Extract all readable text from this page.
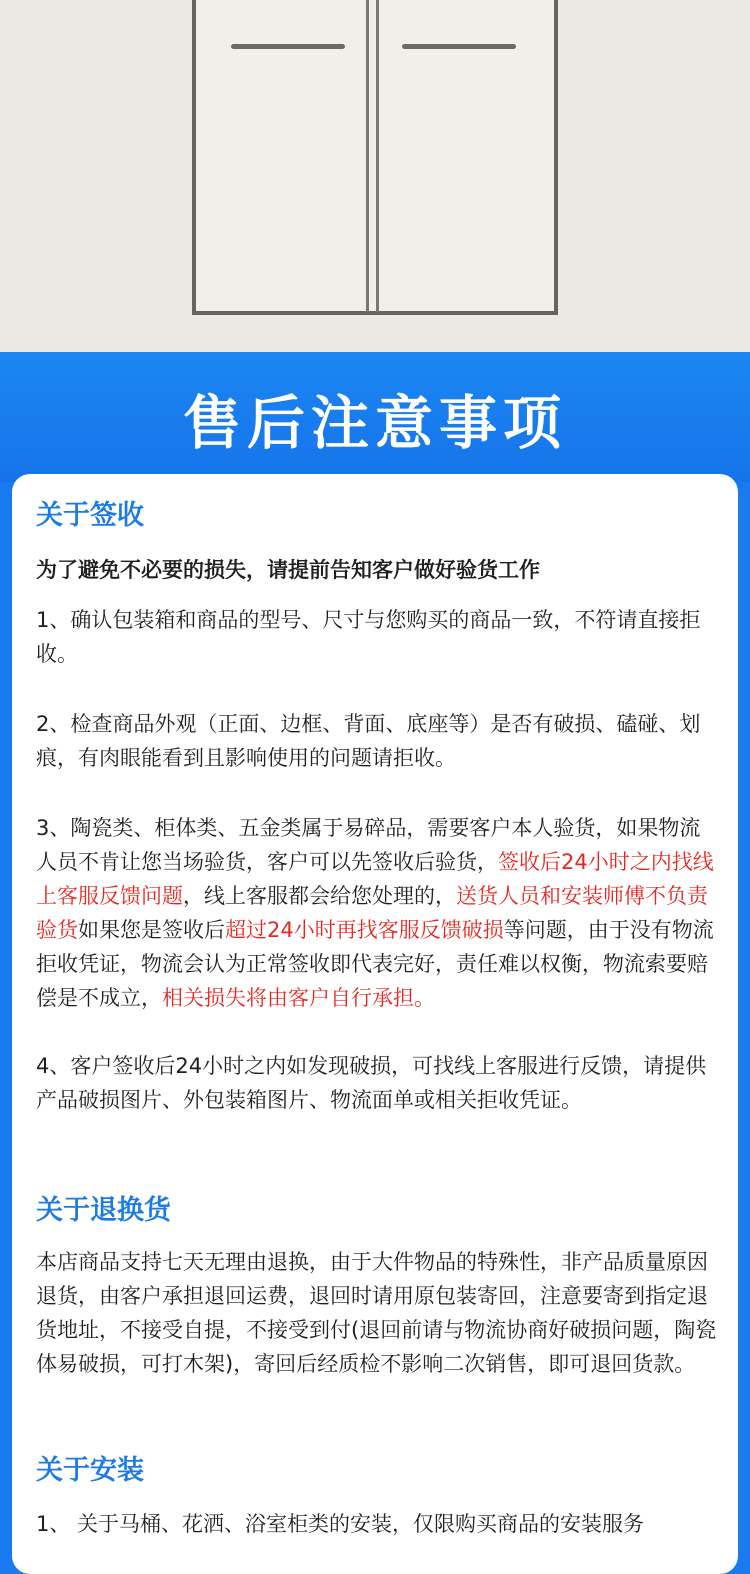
售后注意事项
关于签收
为了避免不必要的损失，请提前告知客户做好验货工作
1、确认包装箱和商品的型号、尺寸与您购买的商品一致，不符请直接拒收。
2、检查商品外观（正面、边框、背面、底座等）是否有破损、磕碰、划痕，有肉眼能看到且影响使用的问题请拒收。
3、陶瓷类、柜体类、五金类属于易碎品，需要客户本人验货，如果物流人员不肯让您当场验货，客户可以先签收后验货，签收后24小时之内找线上客服反馈问题，线上客服都会给您处理的，送货人员和安装师傅不负责验货如果您是签收后超过24小时再找客服反馈破损等问题，由于没有物流拒收凭证，物流会认为正常签收即代表完好，责任难以权衡，物流索要赔偿是不成立，相关损失将由客户自行承担。
4、客户签收后24小时之内如发现破损，可找线上客服进行反馈，请提供产品破损图片、外包装箱图片、物流面单或相关拒收凭证。
关于退换货
本店商品支持七天无理由退换，由于大件物品的特殊性，非产品质量原因退货，由客户承担退回运费，退回时请用原包装寄回，注意要寄到指定退货地址，不接受自提，不接受到付(退回前请与物流协商好破损问题，陶瓷体易破损，可打木架)，寄回后经质检不影响二次销售，即可退回货款。
关于安装
1、 关于马桶、花洒、浴室柜类的安装，仅限购买商品的安装服务
